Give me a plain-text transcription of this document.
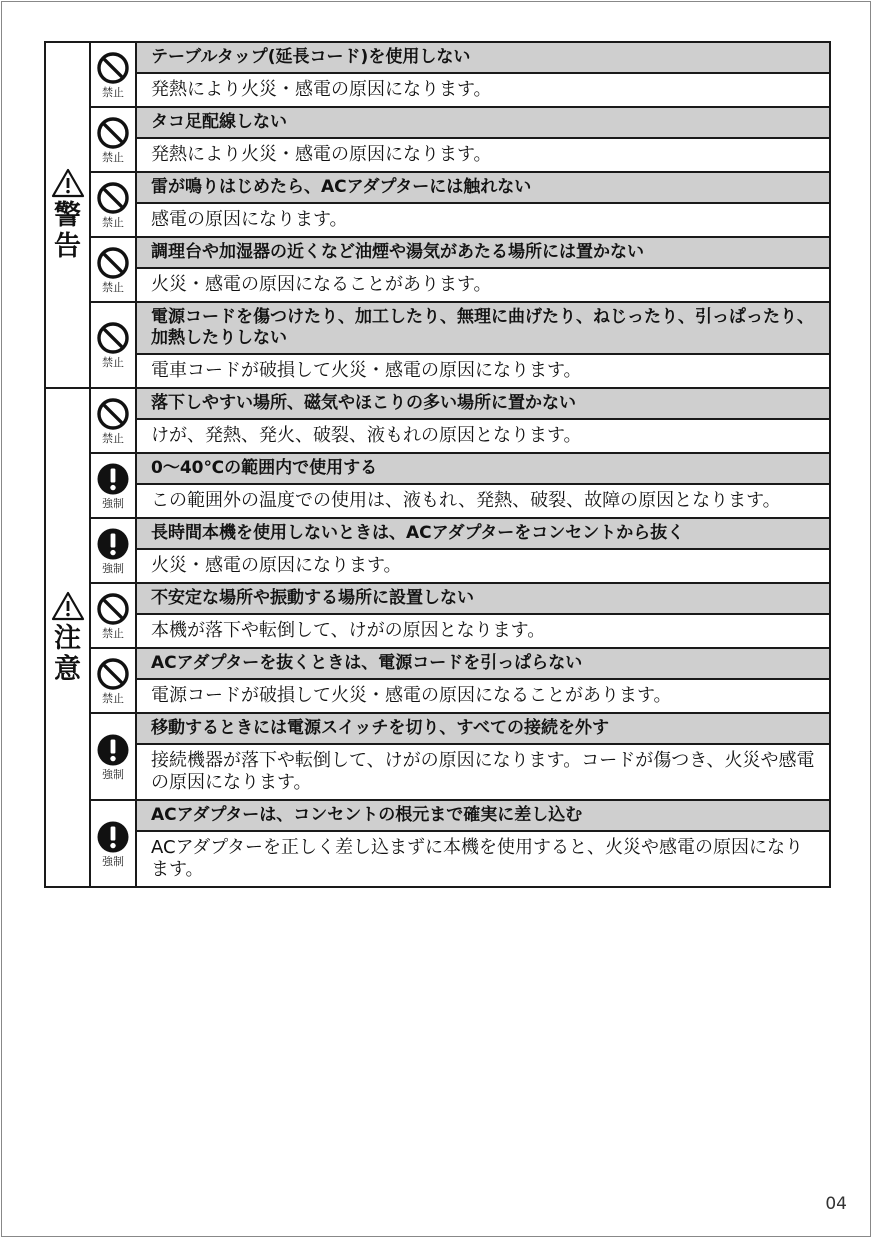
警告	禁止	テーブルタップ(延長コード)を使用しない
		発熱により火災・感電の原因になります。

	禁止	タコ足配線しない
		発熱により火災・感電の原因になります。

	禁止	雷が鳴りはじめたら、ACアダプターには触れない
		感電の原因になります。

	禁止	調理台や加湿器の近くなど油煙や湯気があたる場所には置かない
		火災・感電の原因になることがあります。

	禁止	電源コードを傷つけたり、加工したり、無理に曲げたり、ねじったり、引っぱったり、加熱したりしない
		電車コードが破損して火災・感電の原因になります。

注意	禁止	落下しやすい場所、磁気やほこりの多い場所に置かない
		けが、発熱、発火、破裂、液もれの原因となります。

	強制	0〜40℃の範囲内で使用する
		この範囲外の温度での使用は、液もれ、発熱、破裂、故障の原因となります。

	強制	長時間本機を使用しないときは、ACアダプターをコンセントから抜く
		火災・感電の原因になります。

	禁止	不安定な場所や振動する場所に設置しない
		本機が落下や転倒して、けがの原因となります。

	禁止	ACアダプターを抜くときは、電源コードを引っぱらない
		電源コードが破損して火災・感電の原因になることがあります。

	強制	移動するときには電源スイッチを切り、すべての接続を外す
		接続機器が落下や転倒して、けがの原因になります。コードが傷つき、火災や感電の原因になります。

	強制	ACアダプターは、コンセントの根元まで確実に差し込む
		ACアダプターを正しく差し込まずに本機を使用すると、火災や感電の原因になります。
04
